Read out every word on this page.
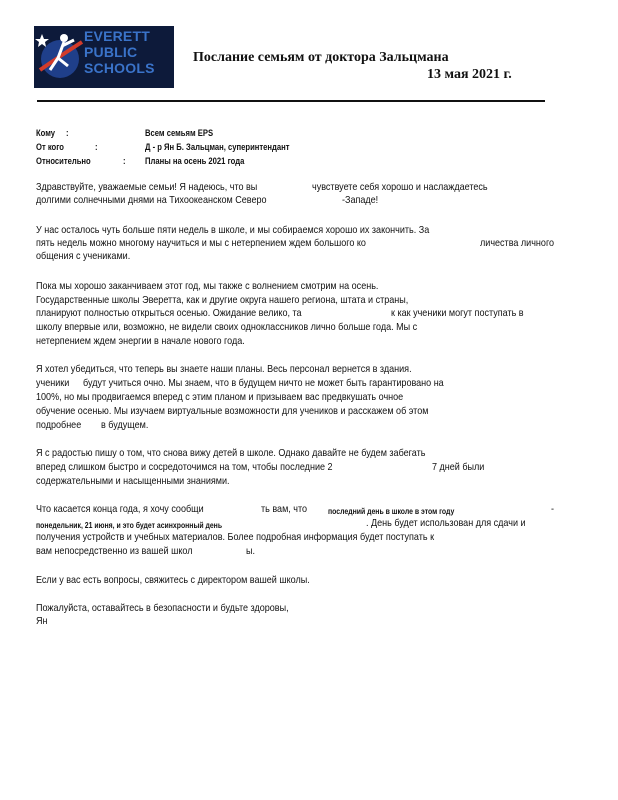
EVERETT
PUBLIC
SCHOOLS
Послание семьям от доктора Зальцмана
13 мая 2021 г.
Кому :	Всем семьям EPS
От кого	:	Д - р Ян Б. Зальцман, суперинтендант
Относительно	: Планы на осень 2021 года
Здравствуйте, уважаемые семьи! Я надеюсь, что вы	чувствуете себя хорошо и наслаждаетесь
долгими солнечными днями на Тихоокеанском Северо	-Западе!
У нас осталось чуть больше пяти недель в школе, и мы собираемся хорошо их закончить. За
пять недель можно многому научиться и мы с нетерпением ждем большого ко	личества личного
общения с учениками.
Пока мы хорошо заканчиваем этот год, мы также с волнением смотрим на осень.
Государственные школы Эверетта, как и другие округа нашего региона, штата и страны,
планируют полностью открыться осенью. Ожидание велико, та	к как ученики могут поступать в
школу впервые или, возможно, не видели своих одноклассников лично больше года. Мы с
нетерпением ждем энергии в начале нового года.
Я хотел убедиться, что теперь вы знаете наши планы. Весь персонал вернется в здания.
ученики будут учиться очно. Мы знаем, что в будущем ничто не может быть гарантировано на
100%, но мы продвигаемся вперед с этим планом и призываем вас предвкушать очное
обучение осенью. Мы изучаем виртуальные возможности для учеников и расскажем об этом
подробнее в будущем.
Я с радостью пишу о том, что снова вижу детей в школе. Однако давайте не будем забегать
вперед слишком быстро и сосредоточимся на том, чтобы последние 2	7 дней были
содержательными и насыщенными знаниями.
Что касается конца года, я хочу сообщи	ть вам, что	последний день в школе в этом году	-
понедельник, 21 июня, и это будет асинхронный день	. День будет использован для сдачи и
получения устройств и учебных материалов. Более подробная информация будет поступать к
вам непосредственно из вашей школ	ы.
Если у вас есть вопросы, свяжитесь с директором вашей школы.
Пожалуйста, оставайтесь в безопасности и будьте здоровы,
Ян
